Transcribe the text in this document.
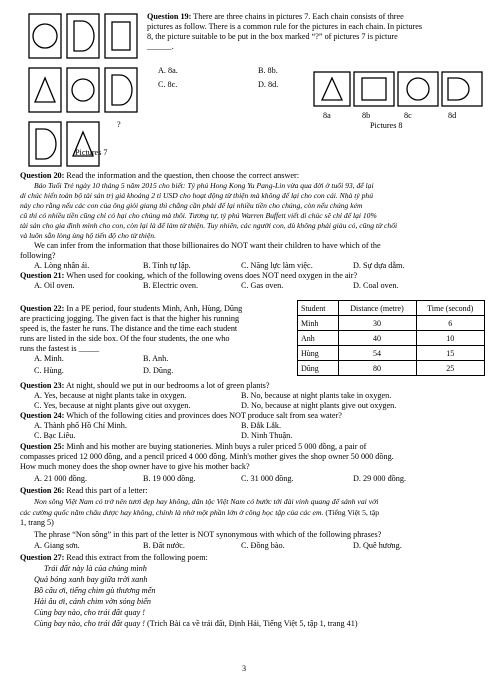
?
Pictures 7
Question 19: There are three chains in pictures 7. Each chain consists of three
pictures as follow. There is a common rule for the pictures in each chain. In pictures
8, the picture suitable to be put in the box marked “?” of pictures 7 is picture
______.
A. 8a.	B. 8b.
C. 8c.	D. 8d.
8a	8b	8c	8d
Pictures 8
Question 20: Read the information and the question, then choose the correct answer:
Báo Tuổi Trẻ ngày 10 tháng 5 năm 2015 cho biết: Tỷ phú Hong Kong Yu Pang-Lin vừa qua đời ở tuổi 93, để lại
di chúc hiến toàn bộ tài sản trị giá khoảng 2 tỉ USD cho hoạt động từ thiện mà không để lại cho con cái. Nhà tỷ phú
này cho rằng nếu các con của ông giỏi giang thì chẳng cần phải để lại nhiều tiền cho chúng, còn nếu chúng kém
cũ thì có nhiều tiền cũng chỉ có hại cho chúng mà thôi. Tương tự, tỷ phú Warren Buffett viết di chúc sẽ chỉ để lại 10%
tài sản cho gia đình mình cho con, còn lại là để làm từ thiện. Tuy nhiên, các người con, dù không phải giàu có, cũng từ chối
và luôn sẵn lòng ủng hộ tiến độ cho từ thiện.
We can infer from the information that those billionaires do NOT want their children to have which of the
following?
A. Lòng nhân ái.	B. Tính tự lập.	C. Năng lực làm việc.	D. Sự dựa dẫm.
Question 21: When used for cooking, which of the following ovens does NOT need oxygen in the air?
A. Oil oven.	B. Electric oven.	C. Gas oven.	D. Coal oven.
Question 22: In a PE period, four students Minh, Anh, Hùng, Dũng
are practicing jogging. The given fact is that the higher his running
speed is, the faster he runs. The distance and the time each student
runs are listed in the side box. Of the four students, the one who
runs the fastest is _____
A. Minh.	B. Anh.
C. Hùng.	D. Dũng.
Student	Distance (metre)	Time (second)
Minh	30	6
Anh	40	10
Hùng	54	15
Dũng	80	25
Question 23: At night, should we put in our bedrooms a lot of green plants?
A. Yes, because at night plants take in oxygen.	B. No, because at night plants take in oxygen.
C. Yes, because at night plants give out oxygen.	D. No, because at night plants give out oxygen.
Question 24: Which of the following cities and provinces does NOT produce salt from sea water?
A. Thành phố Hồ Chí Minh.	B. Đắk Lắk.
C. Bạc Liêu.	D. Ninh Thuận.
Question 25: Minh and his mother are buying stationeries. Minh buys a ruler priced 5 000 đồng, a pair of
compasses priced 12 000 đồng, and a pencil priced 4 000 đồng. Minh's mother gives the shop owner 50 000 đồng.
How much money does the shop owner have to give his mother back?
A. 21 000 đồng.	B. 19 000 đồng.	C. 31 000 đồng.	D. 29 000 đồng.
Question 26: Read this part of a letter:
Non sông Việt Nam có trở nên tươi đẹp hay không, dân tộc Việt Nam có bước tới đài vinh quang để sánh vai với
các cường quốc năm châu được hay không, chính là nhờ một phần lớn ở công học tập của các em. (Tiếng Việt 5, tập
1, trang 5)
The phrase “Non sông” in this part of the letter is NOT synonymous with which of the following phrases?
A. Giang sơn.	B. Đất nước.	C. Đồng bào.	D. Quê hương.
Question 27: Read this extract from the following poem:
Trái đất này là của chúng mình
Quả bóng xanh bay giữa trời xanh
Bồ câu ơi, tiếng chim gù thương mến
Hải âu ơi, cánh chim vờn sóng biển
Cùng bay nào, cho trái đất quay !
Cùng bay nào, cho trái đất quay ! (Trich Bài ca về trái đất, Định Hải, Tiếng Việt 5, tập 1, trang 41)
3
